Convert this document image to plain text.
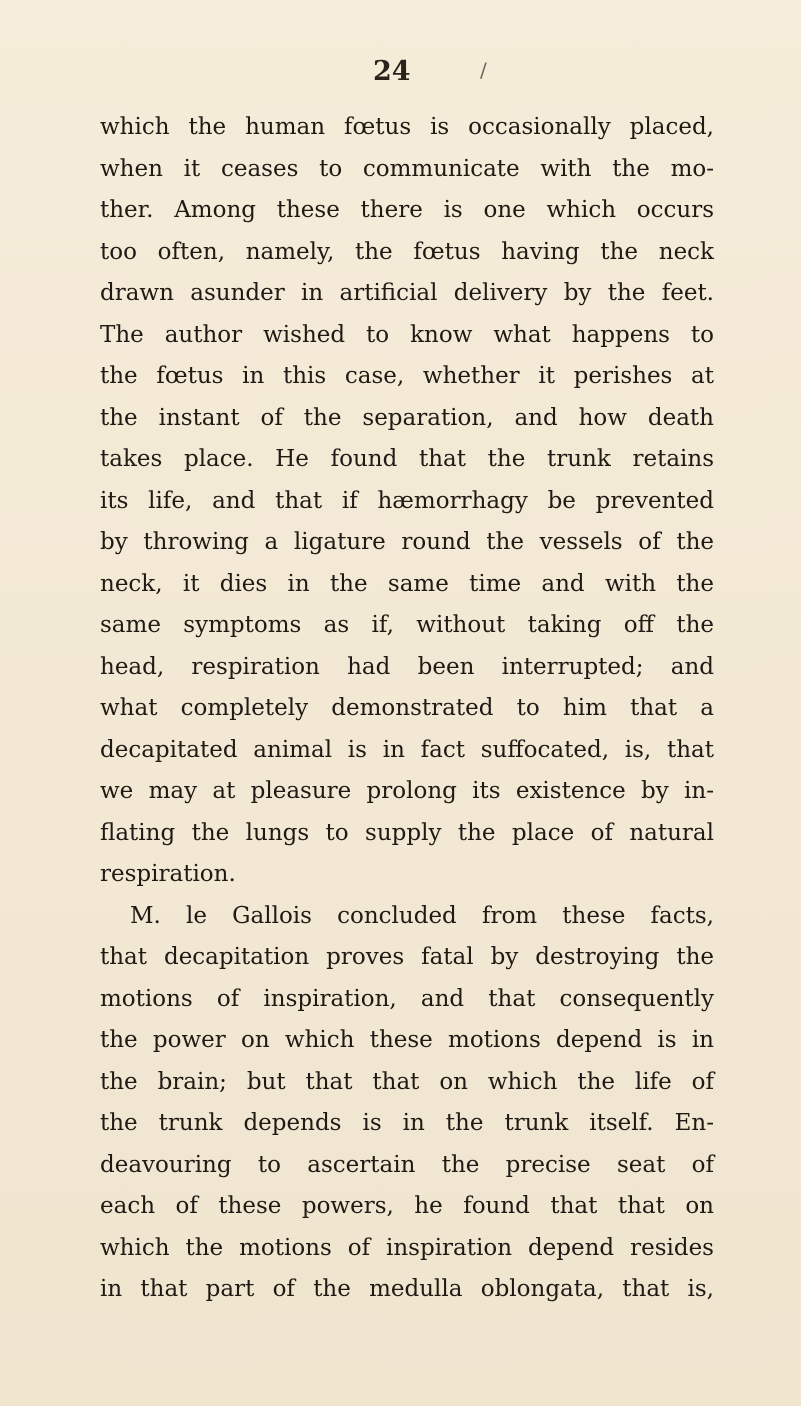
24	/
which the human fœtus is occasionally placed,
when it ceases to communicate with the mo-
ther. Among these there is one which occurs
too often, namely, the fœtus having the neck
drawn asunder in artificial delivery by the feet.
The author wished to know what happens to
the fœtus in this case, whether it perishes at
the instant of the separation, and how death
takes place. He found that the trunk retains
its life, and that if hæmorrhagy be prevented
by throwing a ligature round the vessels of the
neck, it dies in the same time and with the
same symptoms as if, without taking off the
head, respiration had been interrupted; and
what completely demonstrated to him that a
decapitated animal is in fact suffocated, is, that
we may at pleasure prolong its existence by in-
flating the lungs to supply the place of natural
respiration.
M. le Gallois concluded from these facts,
that decapitation proves fatal by destroying the
motions of inspiration, and that consequently
the power on which these motions depend is in
the brain; but that that on which the life of
the trunk depends is in the trunk itself. En-
deavouring to ascertain the precise seat of
each of these powers, he found that that on
which the motions of inspiration depend resides
in that part of the medulla oblongata, that is,
